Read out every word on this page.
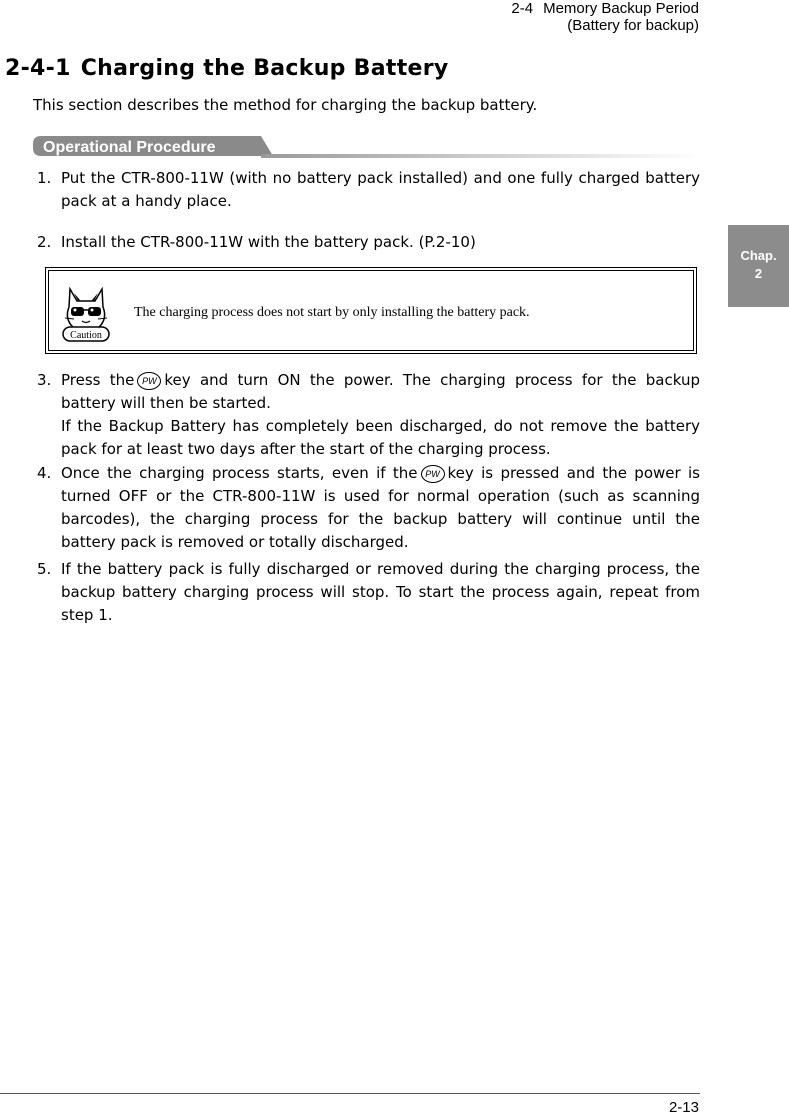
2-4 Memory Backup Period
(Battery for backup)
Chap.
2
2-4-1 Charging the Backup Battery
This section describes the method for charging the backup battery.
Operational Procedure
1. Put the CTR-800-11W (with no battery pack installed) and one fully charged battery pack at a handy place.
2. Install the CTR-800-11W with the battery pack. (P.2-10)
3. Press the PW key and turn ON the power. The charging process for the backup battery will then be started.

If the Backup Battery has completely been discharged, do not remove the battery pack for at least two days after the start of the charging process.

4. Once the charging process starts, even if the PW key is pressed and the power is turned OFF or the CTR-800-11W is used for normal operation (such as scanning barcodes), the charging process for the backup battery will continue until the battery pack is removed or totally discharged.

5. If the battery pack is fully discharged or removed during the charging process, the backup battery charging process will stop. To start the process again, repeat from step 1.
Caution
The charging process does not start by only installing the battery pack.
2-13
